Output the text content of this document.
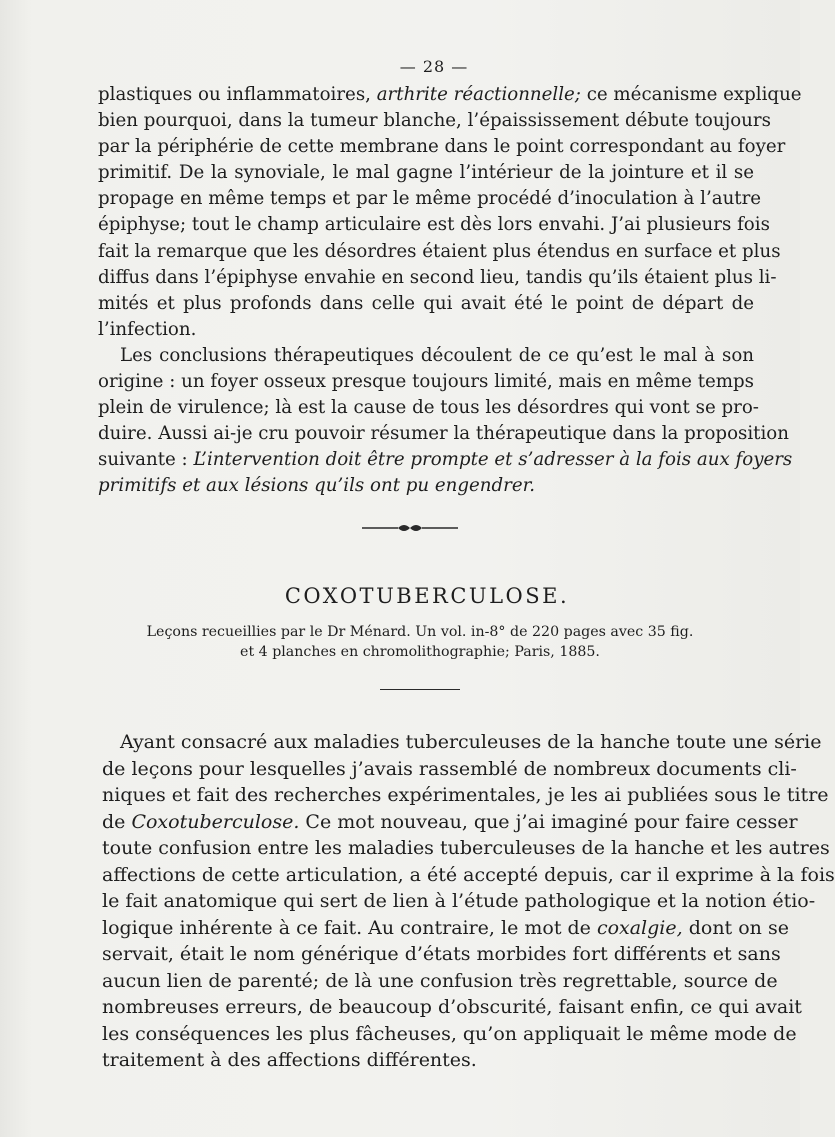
— 28 —
plastiques ou inflammatoires, arthrite réactionnelle; ce mécanisme explique
bien pourquoi, dans la tumeur blanche, l’épaississement débute toujours
par la périphérie de cette membrane dans le point correspondant au foyer
primitif. De la synoviale, le mal gagne l’intérieur de la jointure et il se
propage en même temps et par le même procédé d’inoculation à l’autre
épiphyse; tout le champ articulaire est dès lors envahi. J’ai plusieurs fois
fait la remarque que les désordres étaient plus étendus en surface et plus
diffus dans l’épiphyse envahie en second lieu, tandis qu’ils étaient plus li-
mités et plus profonds dans celle qui avait été le point de départ de
l’infection.
Les conclusions thérapeutiques découlent de ce qu’est le mal à son
origine : un foyer osseux presque toujours limité, mais en même temps
plein de virulence; là est la cause de tous les désordres qui vont se pro-
duire. Aussi ai-je cru pouvoir résumer la thérapeutique dans la proposition
suivante : L’intervention doit être prompte et s’adresser à la fois aux foyers
primitifs et aux lésions qu’ils ont pu engendrer.
COXOTUBERCULOSE.
Leçons recueillies par le Dr Ménard. Un vol. in-8° de 220 pages avec 35 fig.
et 4 planches en chromolithographie; Paris, 1885.
Ayant consacré aux maladies tuberculeuses de la hanche toute une série
de leçons pour lesquelles j’avais rassemblé de nombreux documents cli-
niques et fait des recherches expérimentales, je les ai publiées sous le titre
de Coxotuberculose. Ce mot nouveau, que j’ai imaginé pour faire cesser
toute confusion entre les maladies tuberculeuses de la hanche et les autres
affections de cette articulation, a été accepté depuis, car il exprime à la fois
le fait anatomique qui sert de lien à l’étude pathologique et la notion étio-
logique inhérente à ce fait. Au contraire, le mot de coxalgie, dont on se
servait, était le nom générique d’états morbides fort différents et sans
aucun lien de parenté; de là une confusion très regrettable, source de
nombreuses erreurs, de beaucoup d’obscurité, faisant enfin, ce qui avait
les conséquences les plus fâcheuses, qu’on appliquait le même mode de
traitement à des affections différentes.
